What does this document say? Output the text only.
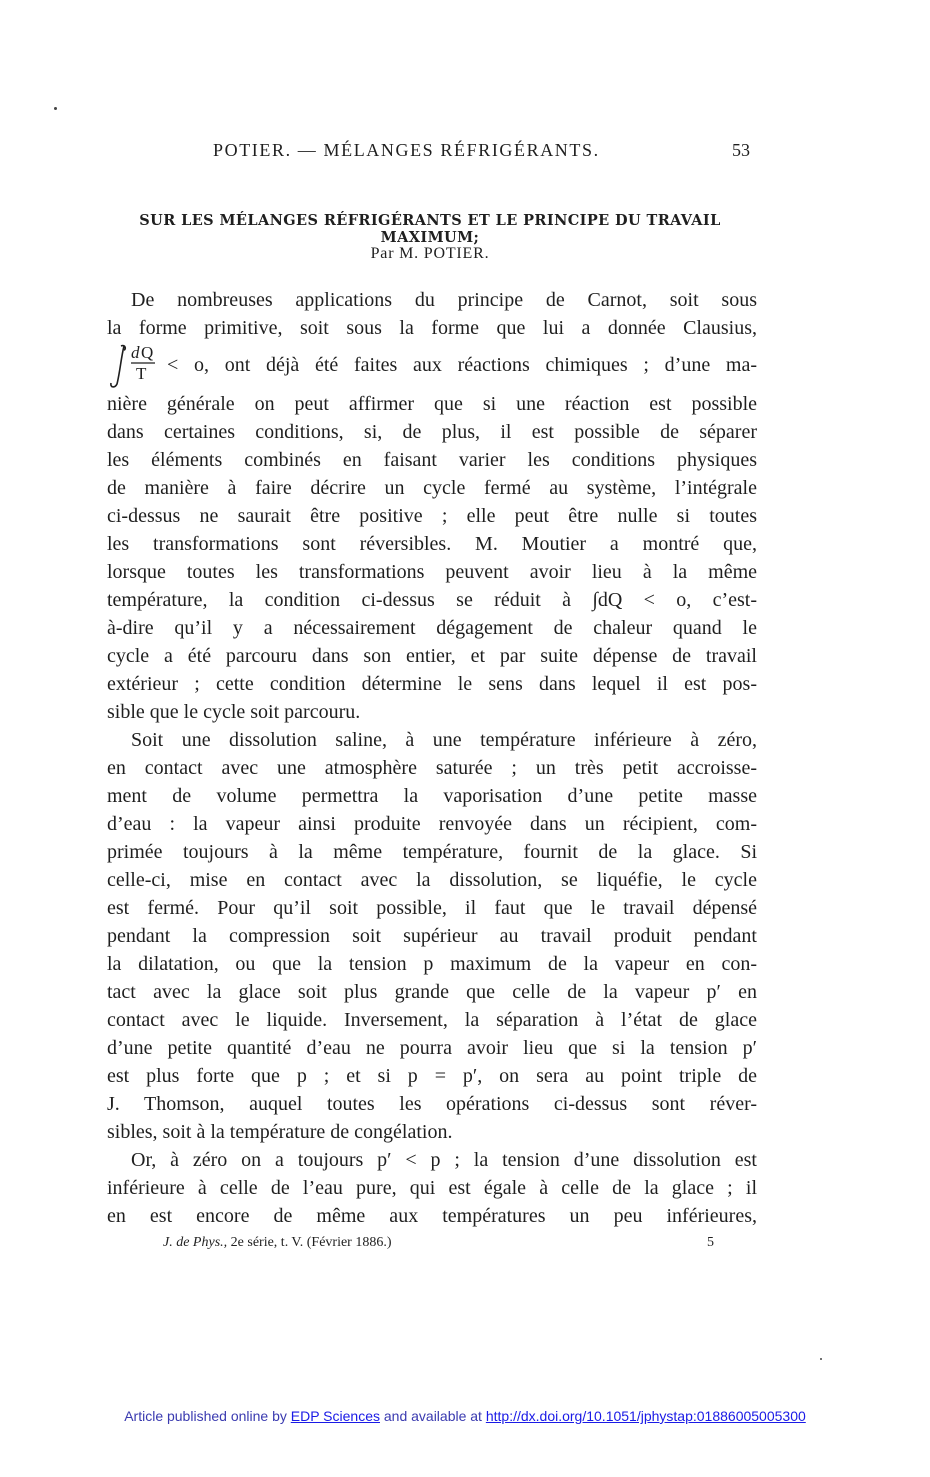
POTIER. — MÉLANGES RÉFRIGÉRANTS.	53
SUR LES MÉLANGES RÉFRIGÉRANTS ET LE PRINCIPE DU TRAVAIL MAXIMUM;
Par M. POTIER.
d Q
T
De nombreuses applications du principe de Carnot, soit sous
la forme primitive, soit sous la forme que lui a donnée Clausius,
< o, ont déjà été faites aux réactions chimiques ; d’une ma-
nière générale on peut affirmer que si une réaction est possible
dans certaines conditions, si, de plus, il est possible de séparer
les éléments combinés en faisant varier les conditions physiques
de manière à faire décrire un cycle fermé au système, l’intégrale
ci-dessus ne saurait être positive ; elle peut être nulle si toutes
les transformations sont réversibles. M. Moutier a montré que,
lorsque toutes les transformations peuvent avoir lieu à la même
température, la condition ci-dessus se réduit à ∫dQ < o, c’est-
à-dire qu’il y a nécessairement dégagement de chaleur quand le
cycle a été parcouru dans son entier, et par suite dépense de travail
extérieur ; cette condition détermine le sens dans lequel il est pos-
sible que le cycle soit parcouru.
Soit une dissolution saline, à une température inférieure à zéro,
en contact avec une atmosphère saturée ; un très petit accroisse-
ment de volume permettra la vaporisation d’une petite masse
d’eau : la vapeur ainsi produite renvoyée dans un récipient, com-
primée toujours à la même température, fournit de la glace. Si
celle-ci, mise en contact avec la dissolution, se liquéfie, le cycle
est fermé. Pour qu’il soit possible, il faut que le travail dépensé
pendant la compression soit supérieur au travail produit pendant
la dilatation, ou que la tension p maximum de la vapeur en con-
tact avec la glace soit plus grande que celle de la vapeur p′ en
contact avec le liquide. Inversement, la séparation à l’état de glace
d’une petite quantité d’eau ne pourra avoir lieu que si la tension p′
est plus forte que p ; et si p = p′, on sera au point triple de
J. Thomson, auquel toutes les opérations ci-dessus sont réver-
sibles, soit à la température de congélation.
Or, à zéro on a toujours p′ < p ; la tension d’une dissolution est
inférieure à celle de l’eau pure, qui est égale à celle de la glace ; il
en est encore de même aux températures un peu inférieures,
J. de Phys., 2e série, t. V. (Février 1886.)	5
Article published online by EDP Sciences and available at http://dx.doi.org/10.1051/jphystap:01886005005300
